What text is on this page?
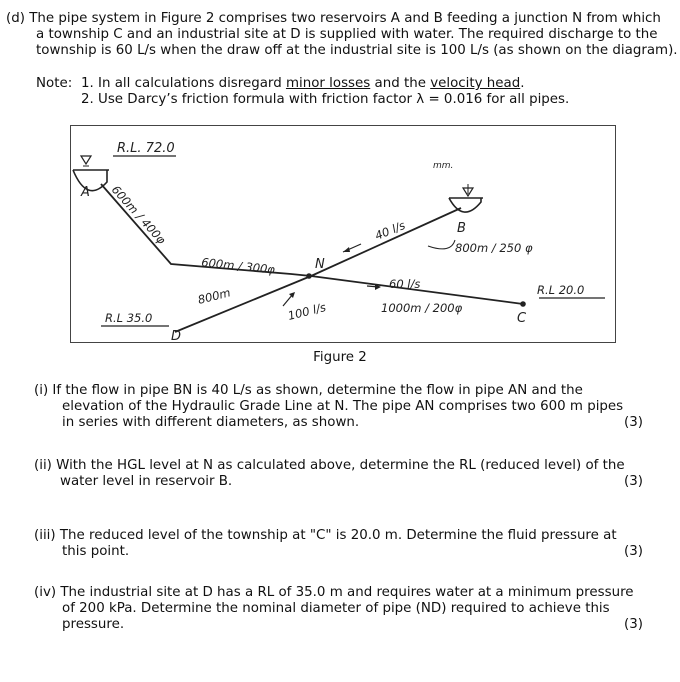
(d) The pipe system in Figure 2 comprises two reservoirs A and B feeding a junction N from which
a township C and an industrial site at D is supplied with water. The required discharge to the
township is 60 L/s when the draw off at the industrial site is 100 L/s (as shown on the diagram).
Note: 1. In all calculations disregard minor losses and the velocity head.
2. Use Darcy’s friction formula with friction factor λ = 0.016 for all pipes.
R.L. 72.0
A 600m / 400φ
600m / 300φ	N
mm.
40 l/s	B
800m / 250 φ
60 l/s
1000m / 200φ
C
R.L 20.0
800m
100 l/s
R.L 35.0
D
Figure 2
(i) If the flow in pipe BN is 40 L/s as shown, determine the flow in pipe AN and the
elevation of the Hydraulic Grade Line at N. The pipe AN comprises two 600 m pipes
in series with different diameters, as shown.	(3)
(ii) With the HGL level at N as calculated above, determine the RL (reduced level) of the
water level in reservoir B.	(3)
(iii) The reduced level of the township at "C" is 20.0 m. Determine the fluid pressure at
this point.	(3)
(iv) The industrial site at D has a RL of 35.0 m and requires water at a minimum pressure
of 200 kPa. Determine the nominal diameter of pipe (ND) required to achieve this
pressure.	(3)
